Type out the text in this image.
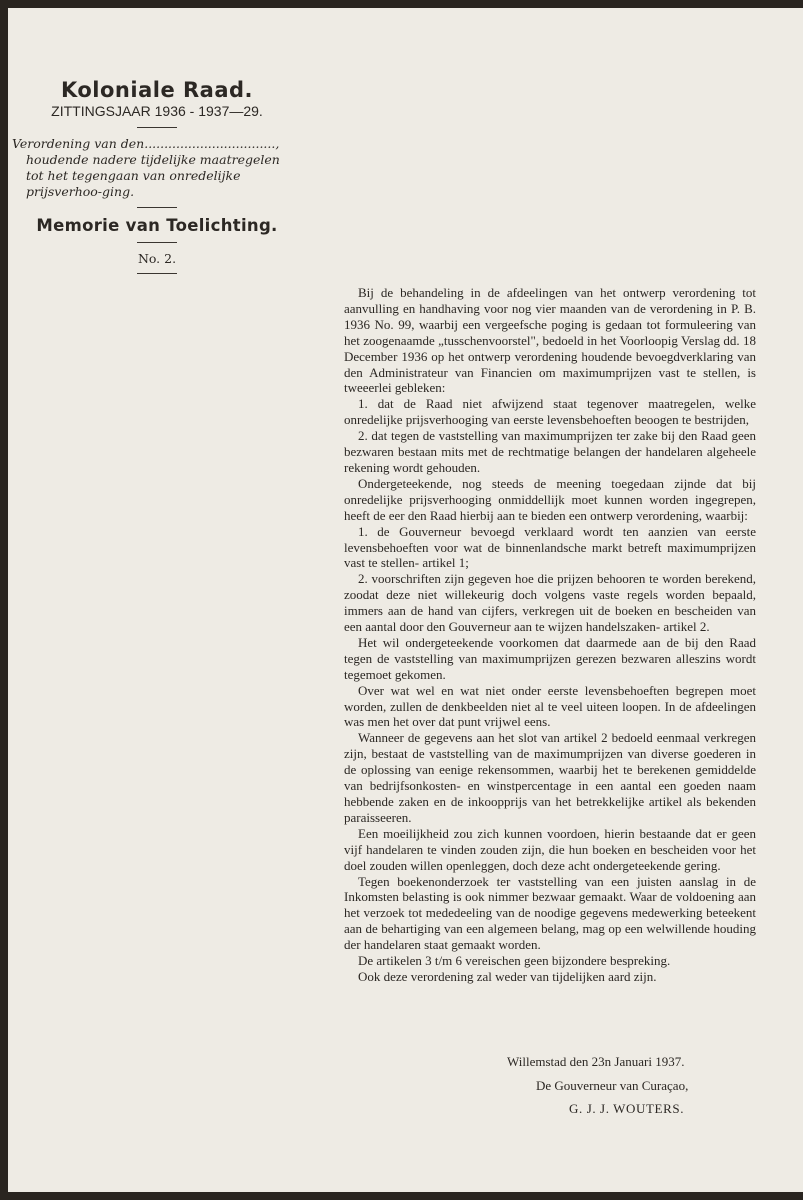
Koloniale Raad.
ZITTINGSJAAR 1936 - 1937—29.
Verordening van den.................................,
houdende nadere tijdelijke maatregelen tot het tegengaan van onredelijke prijsverhoo-ging.
Memorie van Toelichting.
No. 2.

Bij de behandeling in de afdeelingen van het ontwerp verordening tot aanvulling en handhaving voor nog vier maanden van de verordening in P. B. 1936 No. 99, waarbij een vergeefsche poging is gedaan tot formuleering van het zoogenaamde „tusschenvoorstel", bedoeld in het Voorloopig Verslag dd. 18 December 1936 op het ontwerp verordening houdende bevoegdverklaring van den Administrateur van Financien om maximumprijzen vast te stellen, is tweeerlei gebleken:

1. dat de Raad niet afwijzend staat tegenover maatregelen, welke onredelijke prijsverhooging van eerste levensbehoeften beoogen te bestrijden,

2. dat tegen de vaststelling van maximumprijzen ter zake bij den Raad geen bezwaren bestaan mits met de rechtmatige belangen der handelaren algeheele rekening wordt gehouden.

Ondergeteekende, nog steeds de meening toegedaan zijnde dat bij onredelijke prijsverhooging onmiddellijk moet kunnen worden ingegrepen, heeft de eer den Raad hierbij aan te bieden een ontwerp verordening, waarbij:

1. de Gouverneur bevoegd verklaard wordt ten aanzien van eerste levensbehoeften voor wat de binnenlandsche markt betreft maximumprijzen vast te stellen- artikel 1;

2. voorschriften zijn gegeven hoe die prijzen behooren te worden berekend, zoodat deze niet willekeurig doch volgens vaste regels worden bepaald, immers aan de hand van cijfers, verkregen uit de boeken en bescheiden van een aantal door den Gouverneur aan te wijzen handelszaken- artikel 2.

Het wil ondergeteekende voorkomen dat daarmede aan de bij den Raad tegen de vaststelling van maximumprijzen gerezen bezwaren alleszins wordt tegemoet gekomen.

Over wat wel en wat niet onder eerste levensbehoeften begrepen moet worden, zullen de denkbeelden niet al te veel uiteen loopen. In de afdeelingen was men het over dat punt vrijwel eens.

Wanneer de gegevens aan het slot van artikel 2 bedoeld eenmaal verkregen zijn, bestaat de vaststelling van de maximumprijzen van diverse goederen in de oplossing van eenige rekensommen, waarbij het te berekenen gemiddelde van bedrijfsonkosten- en winstpercentage in een aantal een goeden naam hebbende zaken en de inkoopprijs van het betrekkelijke artikel als bekenden paraisseeren.

Een moeilijkheid zou zich kunnen voordoen, hierin bestaande dat er geen vijf handelaren te vinden zouden zijn, die hun boeken en bescheiden voor het doel zouden willen openleggen, doch deze acht ondergeteekende gering.

Tegen boekenonderzoek ter vaststelling van een juisten aanslag in de Inkomsten belasting is ook nimmer bezwaar gemaakt. Waar de voldoening aan het verzoek tot mededeeling van de noodige gegevens medewerking beteekent aan de behartiging van een algemeen belang, mag op een welwillende houding der handelaren staat gemaakt worden.

De artikelen 3 t/m 6 vereischen geen bijzondere bespreking.

Ook deze verordening zal weder van tijdelijken aard zijn.

Willemstad den 23n Januari 1937.
De Gouverneur van Curaçao,
G. J. J. WOUTERS.
